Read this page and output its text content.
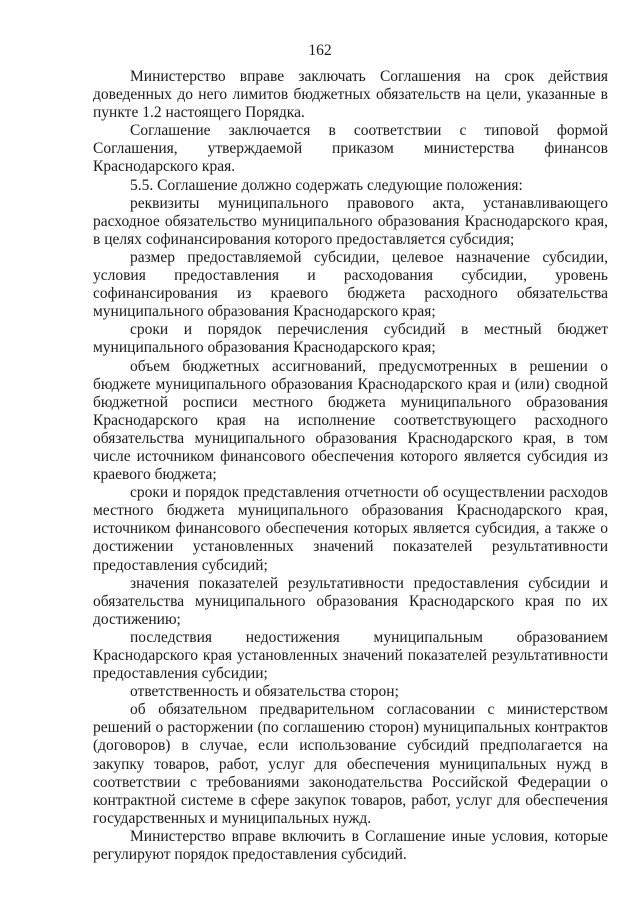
162

Министерство вправе заключать Соглашения на срок действия доведенных до него лимитов бюджетных обязательств на цели, указанные в пункте 1.2 настоящего Порядка.

Соглашение заключается в соответствии с типовой формой Соглашения, утверждаемой приказом министерства финансов Краснодарского края.

5.5. Соглашение должно содержать следующие положения:

реквизиты муниципального правового акта, устанавливающего расходное обязательство муниципального образования Краснодарского края, в целях софинансирования которого предоставляется субсидия;

размер предоставляемой субсидии, целевое назначение субсидии, условия предоставления и расходования субсидии, уровень софинансирования из краевого бюджета расходного обязательства муниципального образования Краснодарского края;

сроки и порядок перечисления субсидий в местный бюджет муниципального образования Краснодарского края;

объем бюджетных ассигнований, предусмотренных в решении о бюджете муниципального образования Краснодарского края и (или) сводной бюджетной росписи местного бюджета муниципального образования Краснодарского края на исполнение соответствующего расходного обязательства муниципального образования Краснодарского края, в том числе источником финансового обеспечения которого является субсидия из краевого бюджета;

сроки и порядок представления отчетности об осуществлении расходов местного бюджета муниципального образования Краснодарского края, источником финансового обеспечения которых является субсидия, а также о достижении установленных значений показателей результативности предоставления субсидий;

значения показателей результативности предоставления субсидии и обязательства муниципального образования Краснодарского края по их достижению;

последствия недостижения муниципальным образованием Краснодарского края установленных значений показателей результативности предоставления субсидии;

ответственность и обязательства сторон;

об обязательном предварительном согласовании с министерством решений о расторжении (по соглашению сторон) муниципальных контрактов (договоров) в случае, если использование субсидий предполагается на закупку товаров, работ, услуг для обеспечения муниципальных нужд в соответствии с требованиями законодательства Российской Федерации о контрактной системе в сфере закупок товаров, работ, услуг для обеспечения государственных и муниципальных нужд.

Министерство вправе включить в Соглашение иные условия, которые регулируют порядок предоставления субсидий.
